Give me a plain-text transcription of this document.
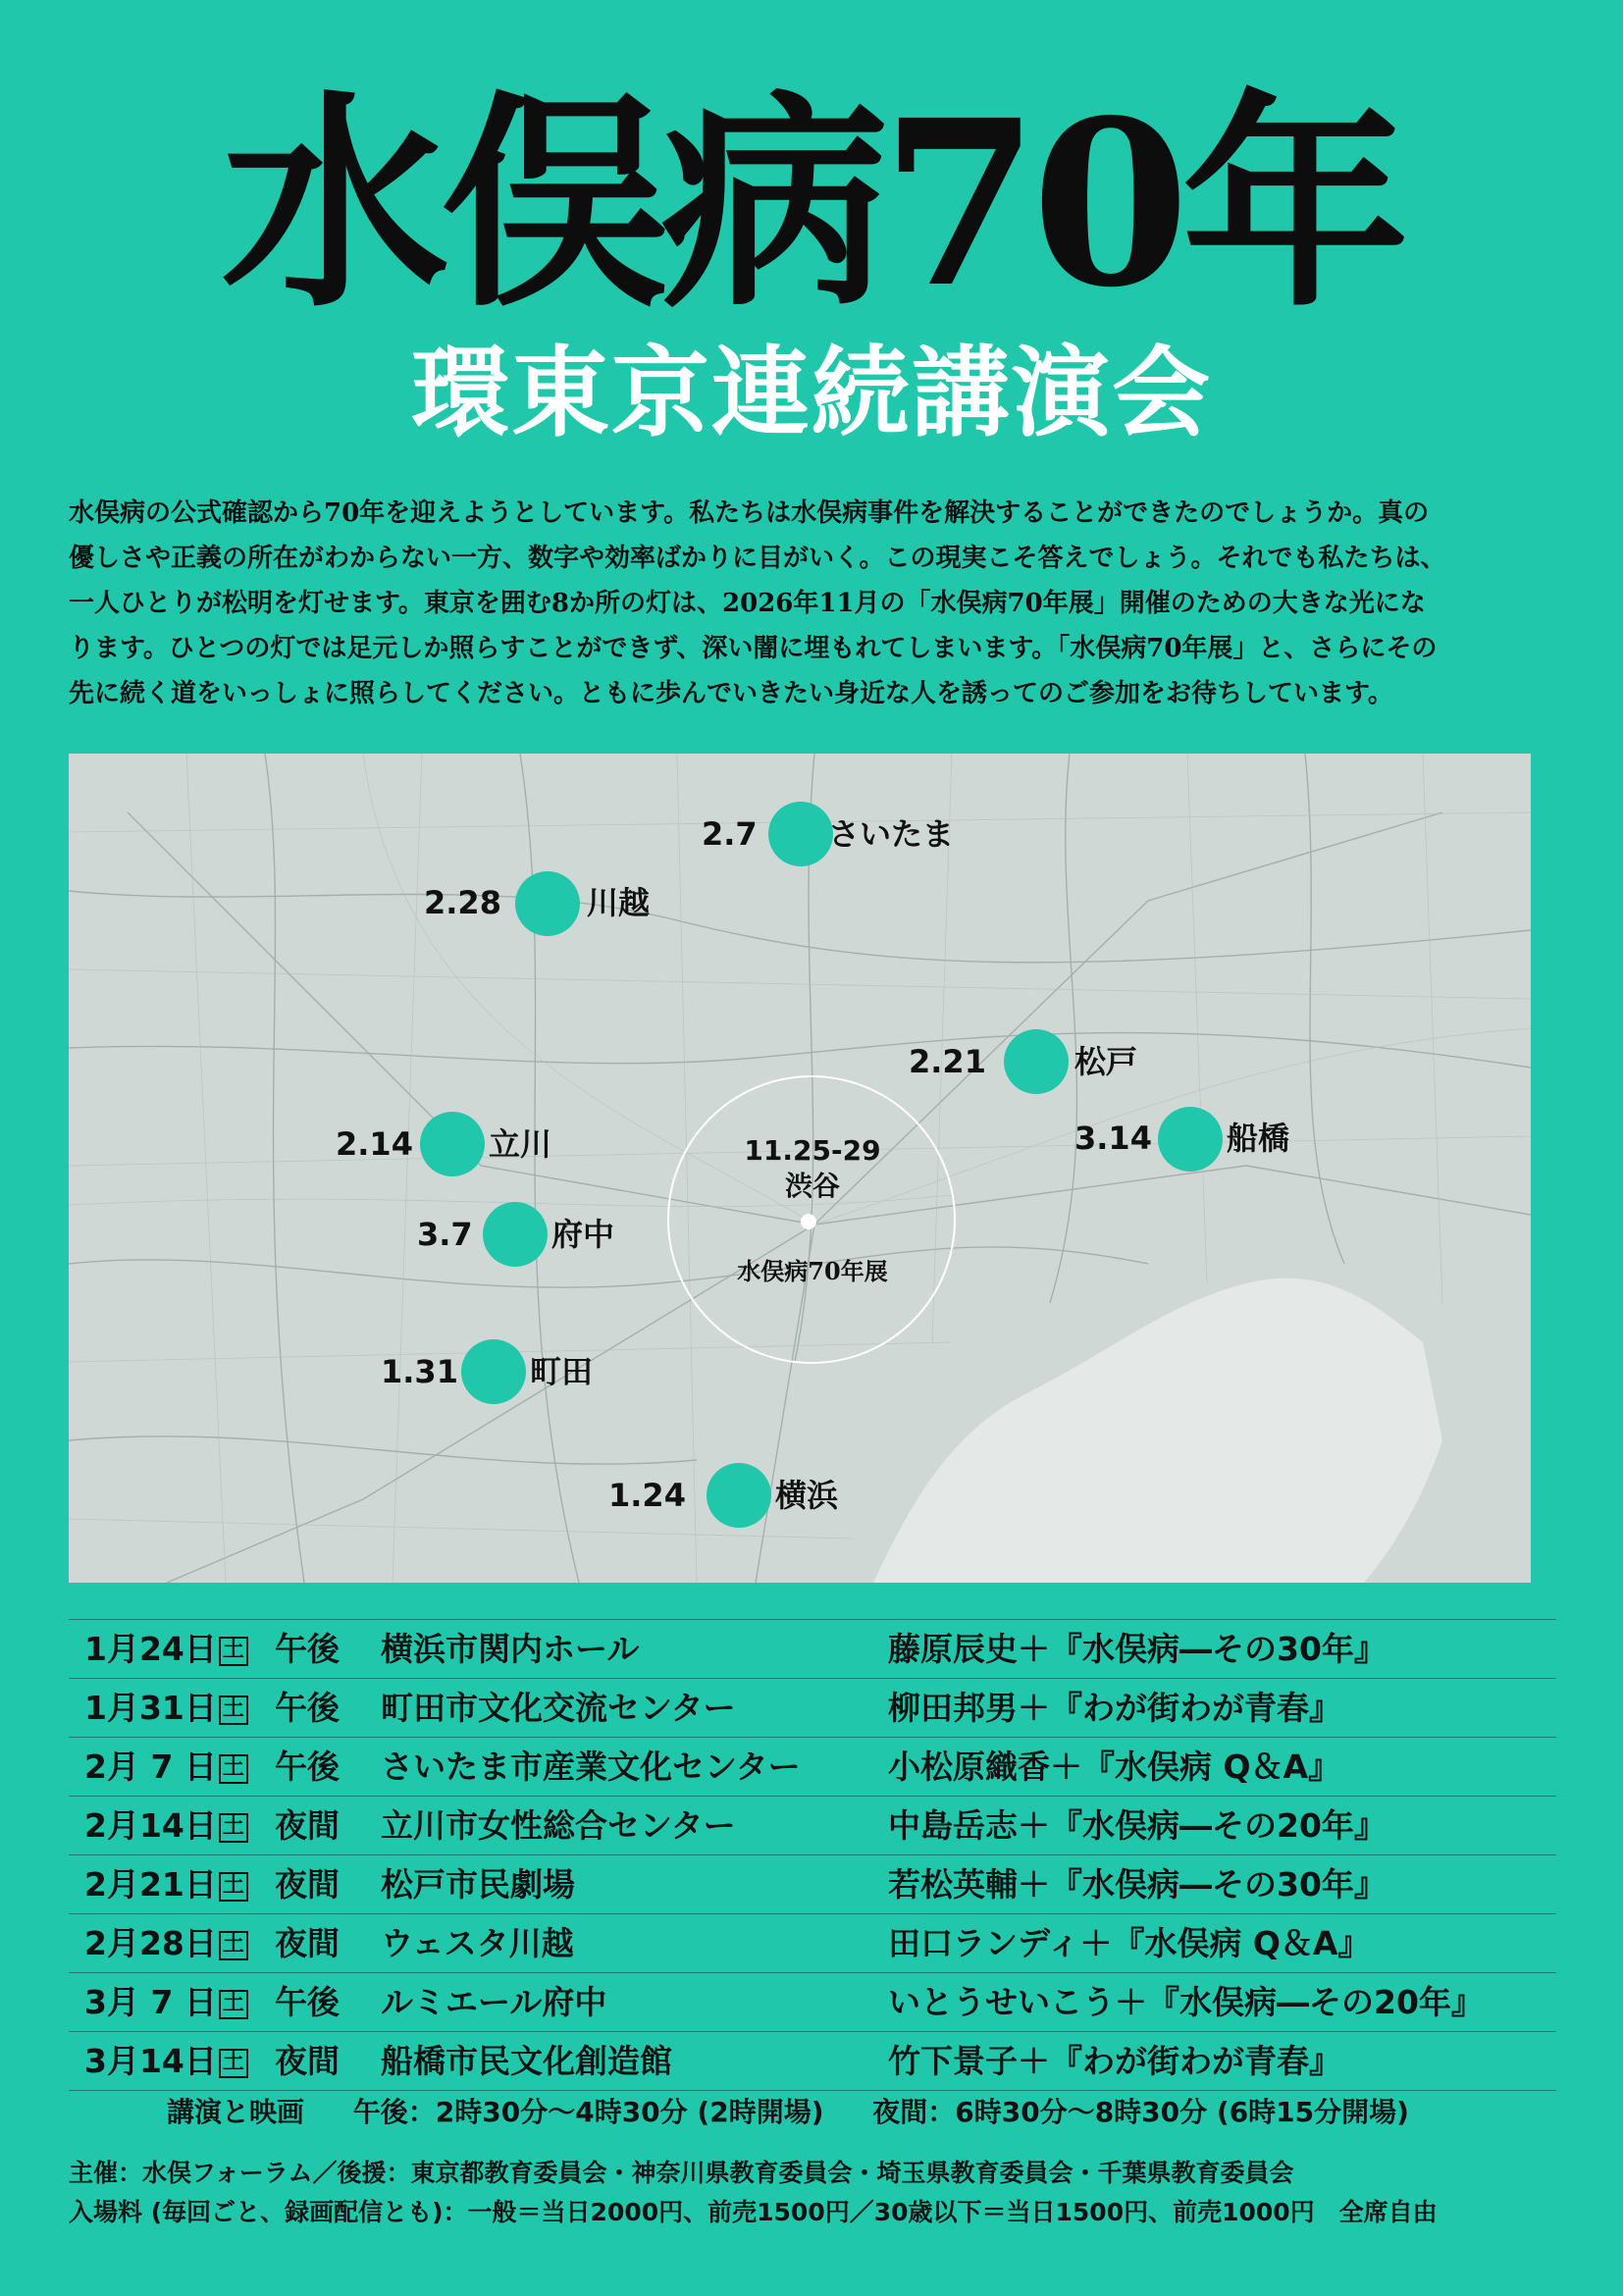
水俣病70年
環東京連続講演会

水俣病の公式確認から70年を迎えようとしています。私たちは水俣病事件を解決することができたのでしょうか。真の

優しさや正義の所在がわからない一方、数字や効率ばかりに目がいく。この現実こそ答えでしょう。それでも私たちは、

一人ひとりが松明を灯せます。東京を囲む8か所の灯は、2026年11月の「水俣病70年展」開催のための大きな光にな

ります。ひとつの灯では足元しか照らすことができず、深い闇に埋もれてしまいます。「水俣病70年展」と、さらにその

先に続く道をいっしょに照らしてください。ともに歩んでいきたい身近な人を誘ってのご参加をお待ちしています。

11.25-29
渋谷
水俣病70年展
2.7 さいたま
2.28	川越
2.21	松戸
3.14 船橋
2.14 立川
3.7	府中
1.31 町田
1.24	横浜
1月24日 土 午後 横浜市関内ホール	藤原辰史＋『水俣病―その30年』
1月31日 土 午後 町田市文化交流センター	柳田邦男＋『わが街わが青春』
2月 7 日 土 午後 さいたま市産業文化センター	小松原織香＋『水俣病 Q＆A』
2月14日 土 夜間 立川市女性総合センター	中島岳志＋『水俣病―その20年』
2月21日 土 夜間 松戸市民劇場	若松英輔＋『水俣病―その30年』
2月28日 土 夜間 ウェスタ川越	田口ランディ＋『水俣病 Q＆A』
3月 7 日 土 午後 ルミエール府中	いとうせいこう＋『水俣病―その20年』
3月14日 土 夜間 船橋市民文化創造館	竹下景子＋『わが街わが青春』
講演と映画 午後：2時30分～4時30分 (2時開場) 夜間：6時30分～8時30分 (6時15分開場)
主催：水俣フォーラム／後援：東京都教育委員会・神奈川県教育委員会・埼玉県教育委員会・千葉県教育委員会
入場料 (毎回ごと、録画配信とも)：一般＝当日2000円、前売1500円／30歳以下＝当日1500円、前売1000円　全席自由
